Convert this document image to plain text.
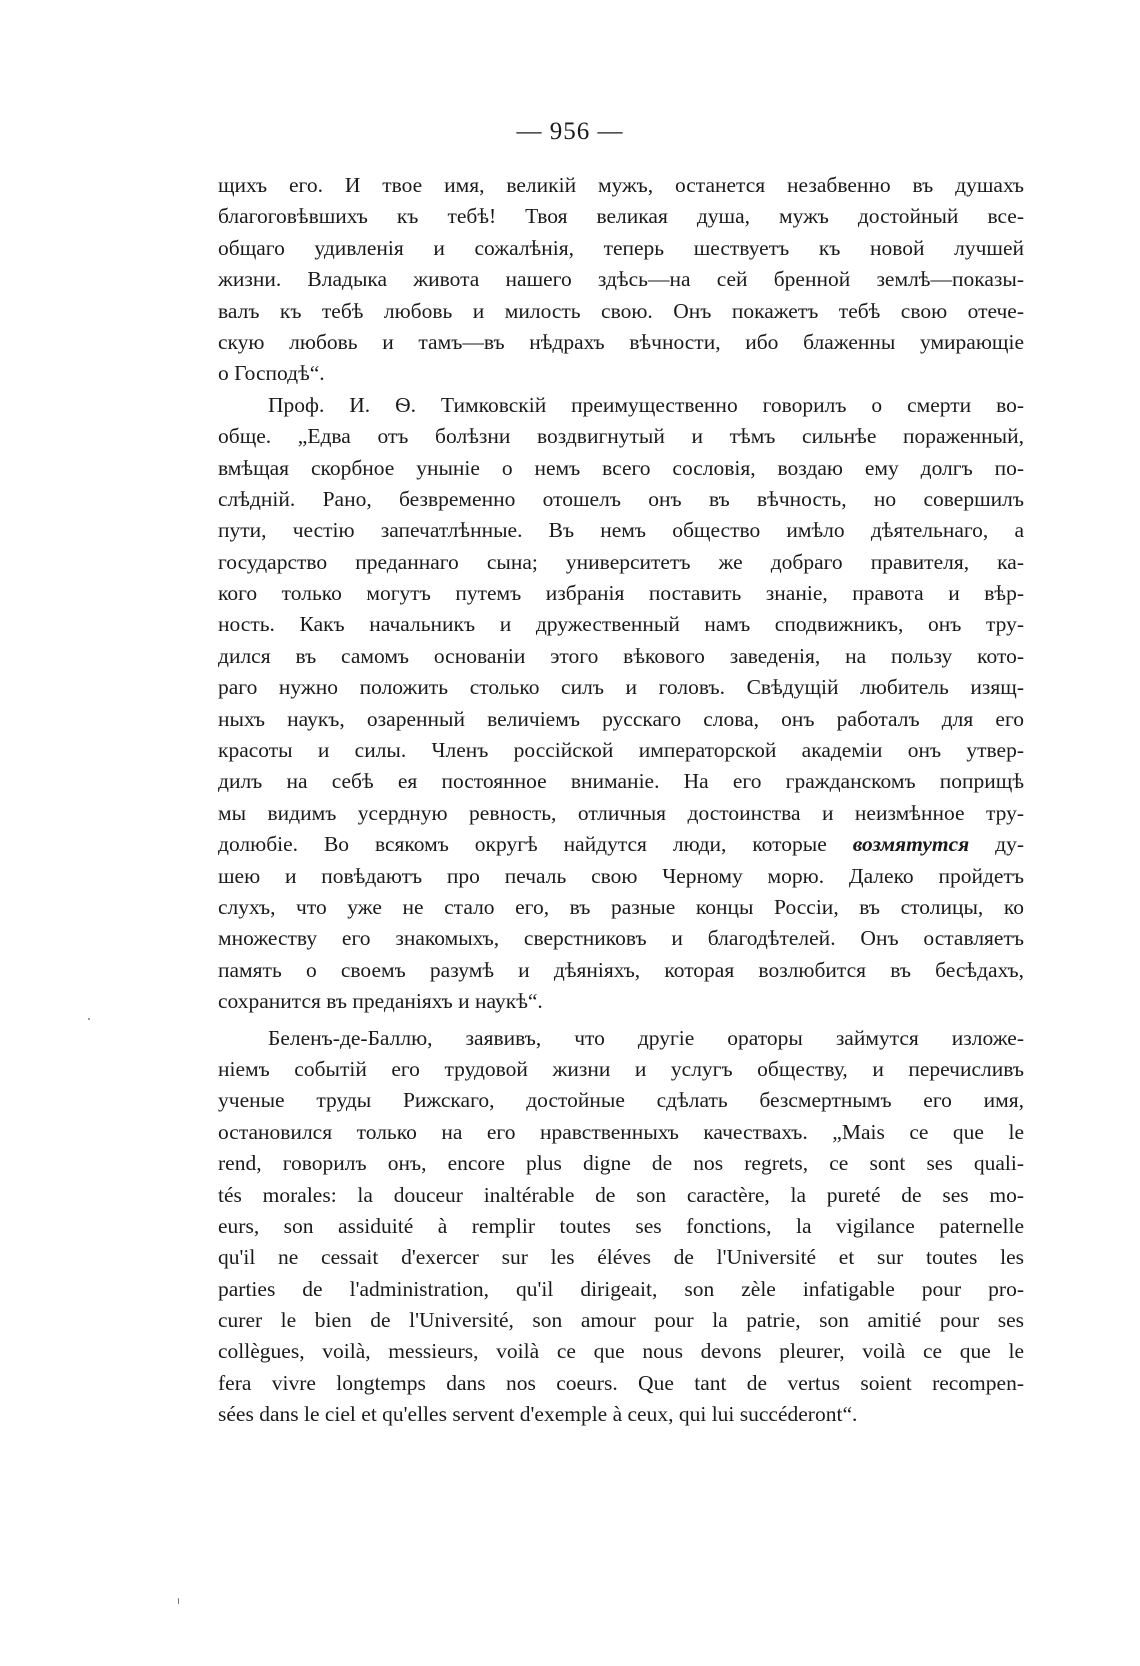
— 956 —
щихъ его. И твое имя, великій мужъ, останется незабвенно въ душахъ
благоговѣвшихъ къ тебѣ! Твоя великая душа, мужъ достойный все-
общаго удивленія и сожалѣнія, теперь шествуетъ къ новой лучшей
жизни. Владыка живота нашего здѣсь—на сей бренной землѣ—показы-
валъ къ тебѣ любовь и милость свою. Онъ покажетъ тебѣ свою отече-
скую любовь и тамъ—въ нѣдрахъ вѣчности, ибо блаженны умирающіе
о Господѣ“.
Проф. И. Ѳ. Тимковскій преимущественно говорилъ о смерти во-
обще. „Едва отъ болѣзни воздвигнутый и тѣмъ сильнѣе пораженный,
вмѣщая скорбное уныніе о немъ всего сословія, воздаю ему долгъ по-
слѣдній. Рано, безвременно отошелъ онъ въ вѣчность, но совершилъ
пути, честію запечатлѣнные. Въ немъ общество имѣло дѣятельнаго, а
государство преданнаго сына; университетъ же добраго правителя, ка-
кого только могутъ путемъ избранія поставить знаніе, правота и вѣр-
ность. Какъ начальникъ и дружественный намъ сподвижникъ, онъ тру-
дился въ самомъ основаніи этого вѣкового заведенія, на пользу кото-
раго нужно положить столько силъ и головъ. Свѣдущій любитель изящ-
ныхъ наукъ, озаренный величіемъ русскаго слова, онъ работалъ для его
красоты и силы. Членъ россійской императорской академіи онъ утвер-
дилъ на себѣ ея постоянное вниманіе. На его гражданскомъ поприщѣ
мы видимъ усердную ревность, отличныя достоинства и неизмѣнное тру-
долюбіе. Во всякомъ округѣ найдутся люди, которые возмятутся ду-
шею и повѣдаютъ про печаль свою Черному морю. Далеко пройдетъ
слухъ, что уже не стало его, въ разные концы Россіи, въ столицы, ко
множеству его знакомыхъ, сверстниковъ и благодѣтелей. Онъ оставляетъ
память о своемъ разумѣ и дѣяніяхъ, которая возлюбится въ бесѣдахъ,
сохранится въ преданіяхъ и наукѣ“.
Беленъ-де-Баллю, заявивъ, что другіе ораторы займутся изложе-
ніемъ событій его трудовой жизни и услугъ обществу, и перечисливъ
ученые труды Рижскаго, достойные сдѣлать безсмертнымъ его имя,
остановился только на его нравственныхъ качествахъ. „Mais ce que le
rend, говорилъ онъ, encore plus digne de nos regrets, ce sont ses quali-
tés morales: la douceur inaltérable de son caractère, la pureté de ses mo-
eurs, son assiduité à remplir toutes ses fonctions, la vigilance paternelle
qu'il ne cessait d'exercer sur les éléves de l'Université et sur toutes les
parties de l'administration, qu'il dirigeait, son zèle infatigable pour pro-
curer le bien de l'Université, son amour pour la patrie, son amitié pour ses
collègues, voilà, messieurs, voilà ce que nous devons pleurer, voilà ce que le
fera vivre longtemps dans nos coeurs. Que tant de vertus soient recompen-
sées dans le ciel et qu'elles servent d'exemple à ceux, qui lui succéderont“.
